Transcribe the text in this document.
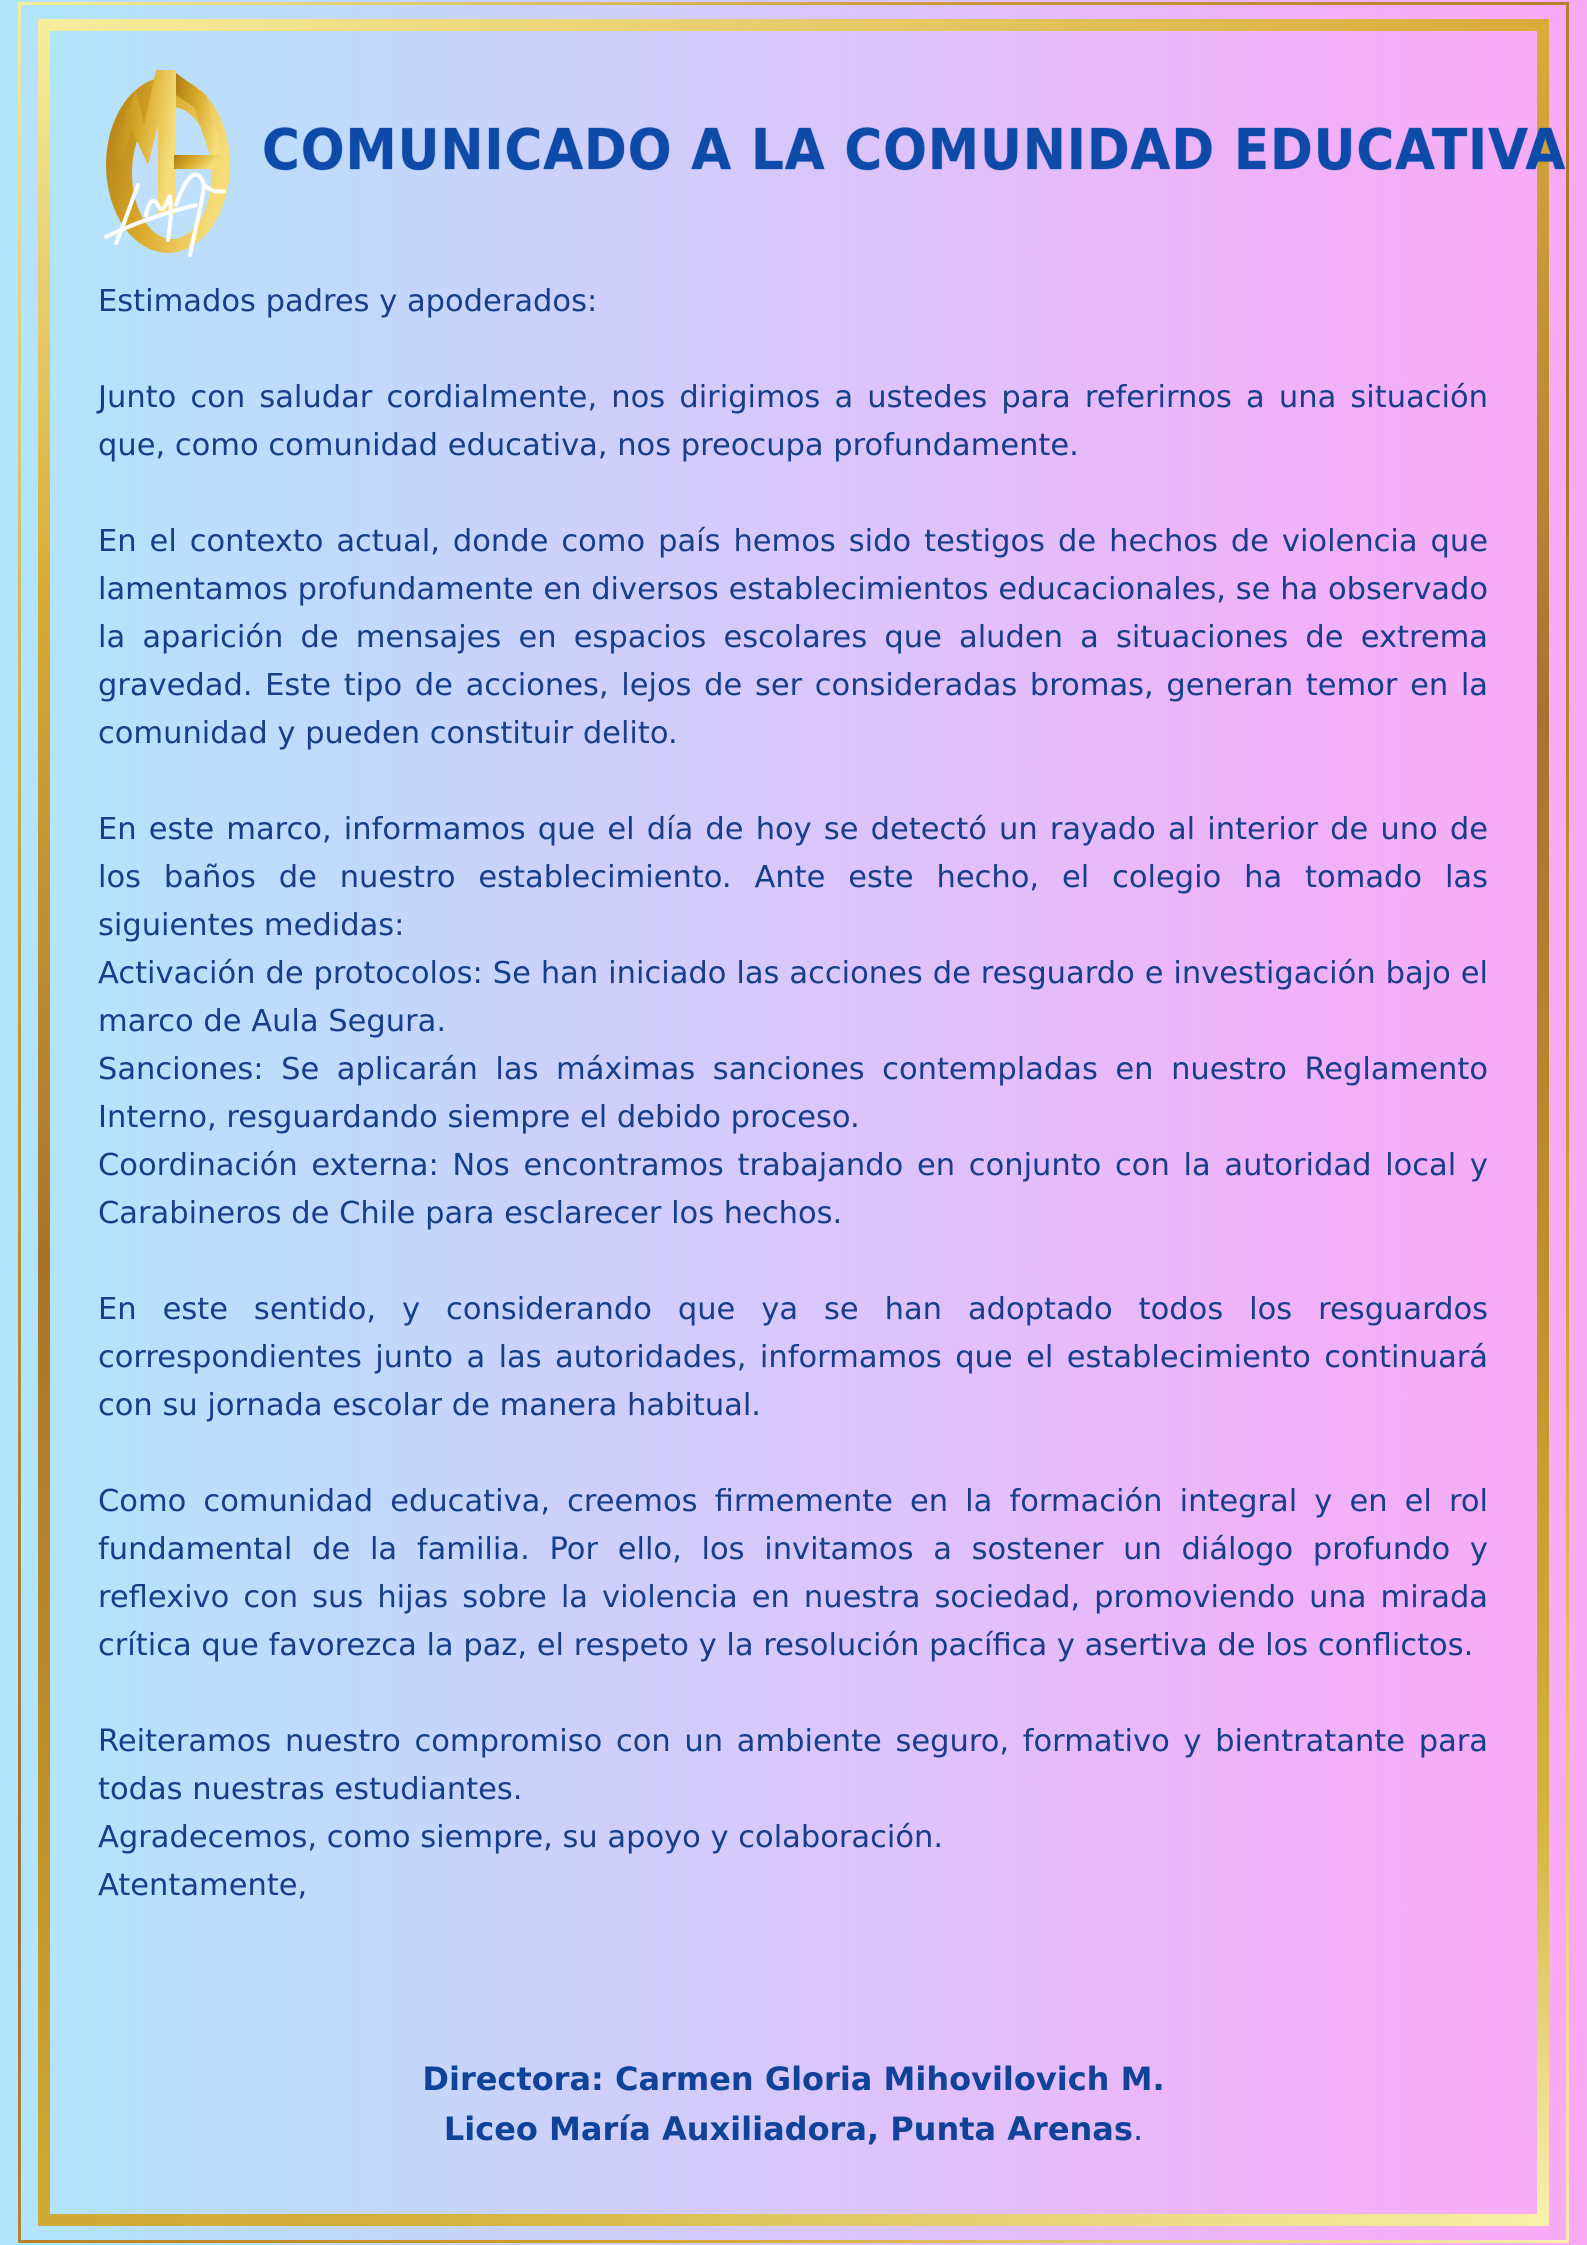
COMUNICADO A LA COMUNIDAD EDUCATIVA

Estimados padres y apoderados:

Junto con saludar cordialmente, nos dirigimos a ustedes para referirnos a una situación que, como comunidad educativa, nos preocupa profundamente.

En el contexto actual, donde como país hemos sido testigos de hechos de violencia que lamentamos profundamente en diversos establecimientos educacionales, se ha observado la aparición de mensajes en espacios escolares que aluden a situaciones de extrema gravedad. Este tipo de acciones, lejos de ser consideradas bromas, generan temor en la comunidad y pueden constituir delito.

En este marco, informamos que el día de hoy se detectó un rayado al interior de uno de los baños de nuestro establecimiento. Ante este hecho, el colegio ha tomado las siguientes medidas:

Activación de protocolos: Se han iniciado las acciones de resguardo e investigación bajo el marco de Aula Segura.

Sanciones: Se aplicarán las máximas sanciones contempladas en nuestro Reglamento Interno, resguardando siempre el debido proceso.

Coordinación externa: Nos encontramos trabajando en conjunto con la autoridad local y Carabineros de Chile para esclarecer los hechos.

En este sentido, y considerando que ya se han adoptado todos los resguardos correspondientes junto a las autoridades, informamos que el establecimiento continuará con su jornada escolar de manera habitual.

Como comunidad educativa, creemos firmemente en la formación integral y en el rol fundamental de la familia. Por ello, los invitamos a sostener un diálogo profundo y reflexivo con sus hijas sobre la violencia en nuestra sociedad, promoviendo una mirada crítica que favorezca la paz, el respeto y la resolución pacífica y asertiva de los conflictos.

Reiteramos nuestro compromiso con un ambiente seguro, formativo y bientratante para todas nuestras estudiantes.

Agradecemos, como siempre, su apoyo y colaboración.

Atentamente,

Directora: Carmen Gloria Mihovilovich M.
Liceo María Auxiliadora, Punta Arenas.
